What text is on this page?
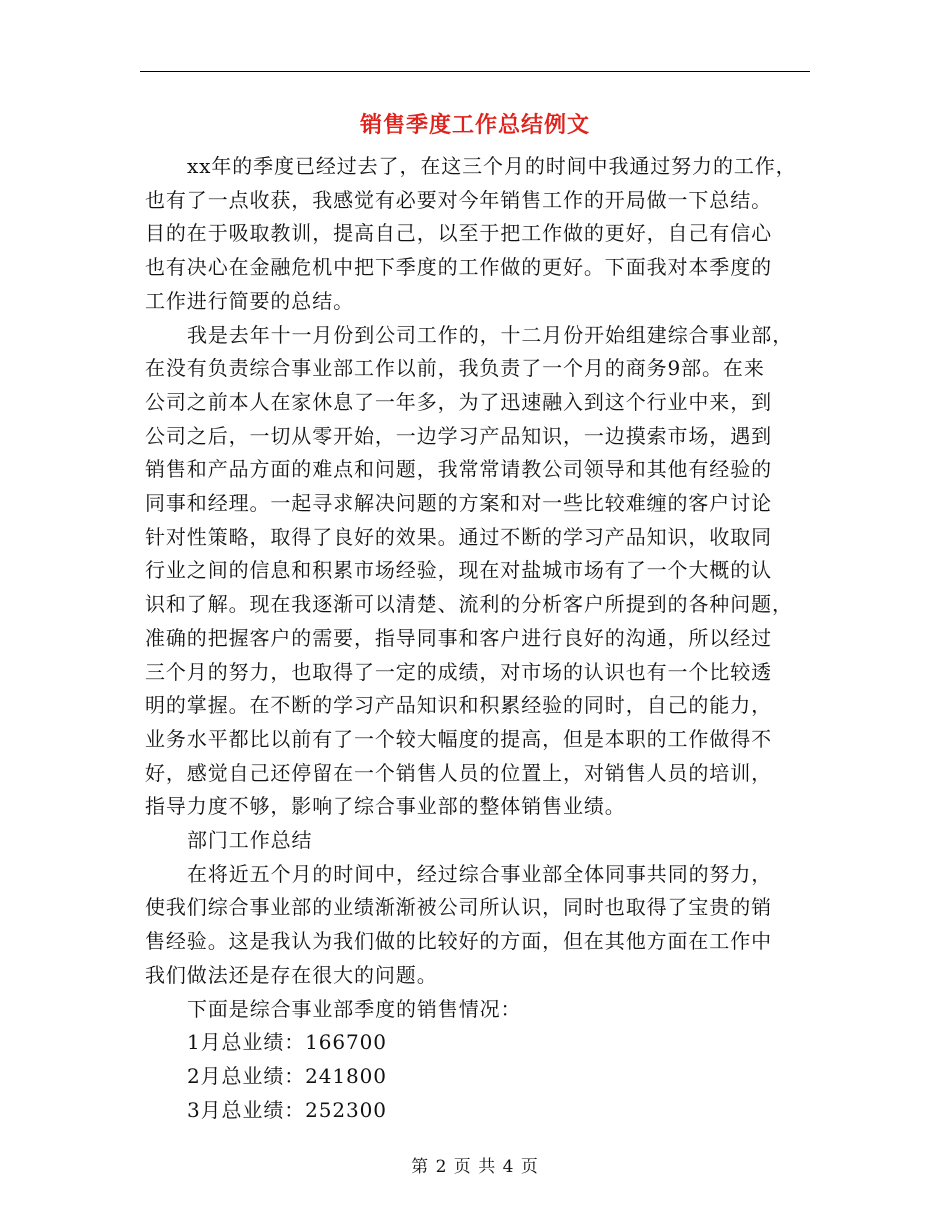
销售季度工作总结例文

xx年的季度已经过去了，在这三个月的时间中我通过努力的工作，
也有了一点收获，我感觉有必要对今年销售工作的开局做一下总结。
目的在于吸取教训，提高自己，以至于把工作做的更好，自己有信心
也有决心在金融危机中把下季度的工作做的更好。下面我对本季度的
工作进行简要的总结。

我是去年十一月份到公司工作的，十二月份开始组建综合事业部，
在没有负责综合事业部工作以前，我负责了一个月的商务9部。在来
公司之前本人在家休息了一年多，为了迅速融入到这个行业中来，到
公司之后，一切从零开始，一边学习产品知识，一边摸索市场，遇到
销售和产品方面的难点和问题，我常常请教公司领导和其他有经验的
同事和经理。一起寻求解决问题的方案和对一些比较难缠的客户讨论
针对性策略，取得了良好的效果。通过不断的学习产品知识，收取同
行业之间的信息和积累市场经验，现在对盐城市场有了一个大概的认
识和了解。现在我逐渐可以清楚、流利的分析客户所提到的各种问题，
准确的把握客户的需要，指导同事和客户进行良好的沟通，所以经过
三个月的努力，也取得了一定的成绩，对市场的认识也有一个比较透
明的掌握。在不断的学习产品知识和积累经验的同时，自己的能力，
业务水平都比以前有了一个较大幅度的提高，但是本职的工作做得不
好，感觉自己还停留在一个销售人员的位置上，对销售人员的培训，
指导力度不够，影响了综合事业部的整体销售业绩。

部门工作总结

在将近五个月的时间中，经过综合事业部全体同事共同的努力，
使我们综合事业部的业绩渐渐被公司所认识，同时也取得了宝贵的销
售经验。这是我认为我们做的比较好的方面，但在其他方面在工作中
我们做法还是存在很大的问题。

下面是综合事业部季度的销售情况：

1月总业绩：166700

2月总业绩：241800

3月总业绩：252300

第 2 页 共 4 页
